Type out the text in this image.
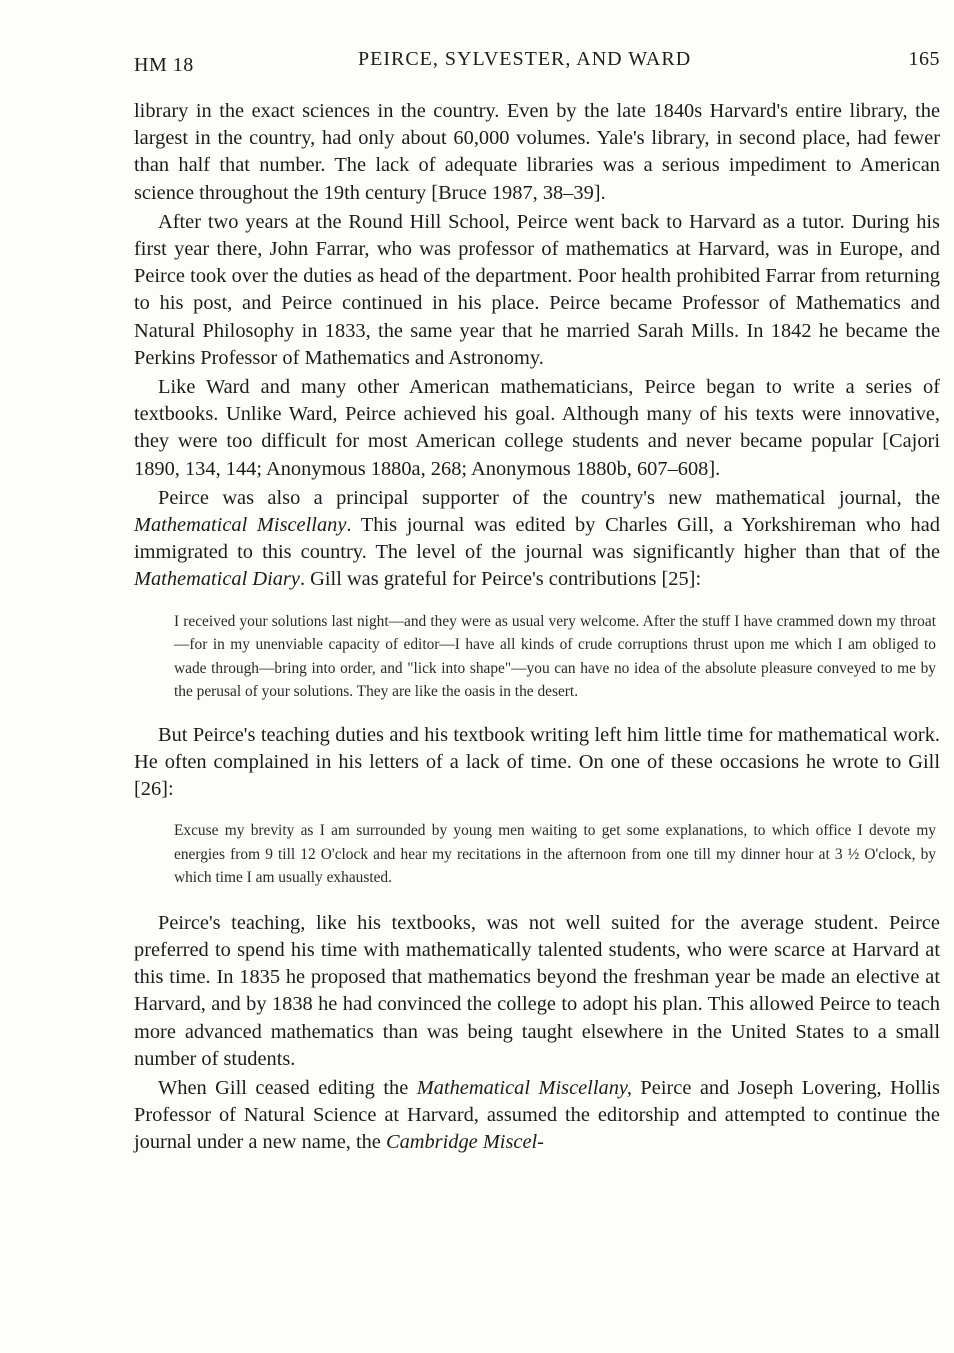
HM 18	PEIRCE, SYLVESTER, AND WARD	165

library in the exact sciences in the country. Even by the late 1840s Harvard's entire library, the largest in the country, had only about 60,000 volumes. Yale's library, in second place, had fewer than half that number. The lack of adequate libraries was a serious impediment to American science throughout the 19th century [Bruce 1987, 38–39].

After two years at the Round Hill School, Peirce went back to Harvard as a tutor. During his first year there, John Farrar, who was professor of mathematics at Harvard, was in Europe, and Peirce took over the duties as head of the department. Poor health prohibited Farrar from returning to his post, and Peirce continued in his place. Peirce became Professor of Mathematics and Natural Philosophy in 1833, the same year that he married Sarah Mills. In 1842 he became the Perkins Professor of Mathematics and Astronomy.

Like Ward and many other American mathematicians, Peirce began to write a series of textbooks. Unlike Ward, Peirce achieved his goal. Although many of his texts were innovative, they were too difficult for most American college students and never became popular [Cajori 1890, 134, 144; Anonymous 1880a, 268; Anonymous 1880b, 607–608].

Peirce was also a principal supporter of the country's new mathematical journal, the Mathematical Miscellany. This journal was edited by Charles Gill, a Yorkshireman who had immigrated to this country. The level of the journal was significantly higher than that of the Mathematical Diary. Gill was grateful for Peirce's contributions [25]:

I received your solutions last night—and they were as usual very welcome. After the stuff I have crammed down my throat—for in my unenviable capacity of editor—I have all kinds of crude corruptions thrust upon me which I am obliged to wade through—bring into order, and "lick into shape"—you can have no idea of the absolute pleasure conveyed to me by the perusal of your solutions. They are like the oasis in the desert.

But Peirce's teaching duties and his textbook writing left him little time for mathematical work. He often complained in his letters of a lack of time. On one of these occasions he wrote to Gill [26]:

Excuse my brevity as I am surrounded by young men waiting to get some explanations, to which office I devote my energies from 9 till 12 O'clock and hear my recitations in the afternoon from one till my dinner hour at 3 ½ O'clock, by which time I am usually exhausted.

Peirce's teaching, like his textbooks, was not well suited for the average student. Peirce preferred to spend his time with mathematically talented students, who were scarce at Harvard at this time. In 1835 he proposed that mathematics beyond the freshman year be made an elective at Harvard, and by 1838 he had convinced the college to adopt his plan. This allowed Peirce to teach more advanced mathematics than was being taught elsewhere in the United States to a small number of students.

When Gill ceased editing the Mathematical Miscellany, Peirce and Joseph Lovering, Hollis Professor of Natural Science at Harvard, assumed the editorship and attempted to continue the journal under a new name, the Cambridge Miscel-
